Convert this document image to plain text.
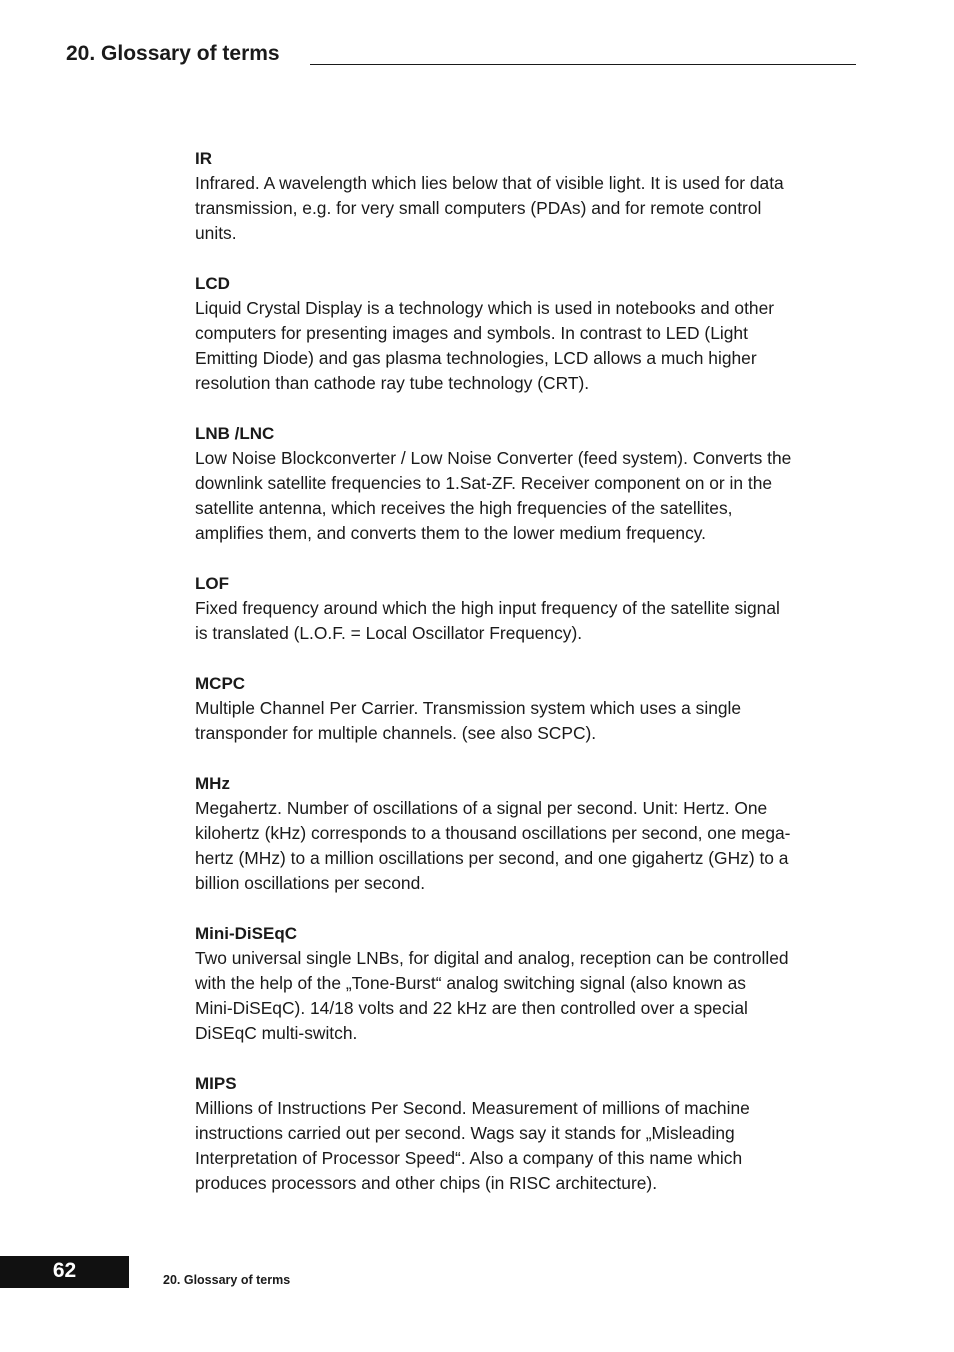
20. Glossary of terms
IR
Infrared. A wavelength which lies below that of visible light. It is used for data
transmission, e.g. for very small computers (PDAs) and for remote control
units.
LCD
Liquid Crystal Display is a technology which is used in notebooks and other
computers for presenting images and symbols. In contrast to LED (Light
Emitting Diode) and gas plasma technologies, LCD allows a much higher
resolution than cathode ray tube technology (CRT).
LNB /LNC
Low Noise Blockconverter / Low Noise Converter (feed system). Converts the
downlink satellite frequencies to 1.Sat-ZF. Receiver component on or in the
satellite antenna, which receives the high frequencies of the satellites,
amplifies them, and converts them to the lower medium frequency.
LOF
Fixed frequency around which the high input frequency of the satellite signal
is translated (L.O.F. = Local Oscillator Frequency).
MCPC
Multiple Channel Per Carrier. Transmission system which uses a single
transponder for multiple channels. (see also SCPC).
MHz
Megahertz. Number of oscillations of a signal per second. Unit: Hertz. One
kilohertz (kHz) corresponds to a thousand oscillations per second, one mega-
hertz (MHz) to a million oscillations per second, and one gigahertz (GHz) to a
billion oscillations per second.
Mini-DiSEqC
Two universal single LNBs, for digital and analog, reception can be controlled
with the help of the „Tone-Burst“ analog switching signal (also known as
Mini-DiSEqC). 14/18 volts and 22 kHz are then controlled over a special
DiSEqC multi-switch.
MIPS
Millions of Instructions Per Second. Measurement of millions of machine
instructions carried out per second. Wags say it stands for „Misleading
Interpretation of Processor Speed“. Also a company of this name which
produces processors and other chips (in RISC architecture).
62	20. Glossary of terms
